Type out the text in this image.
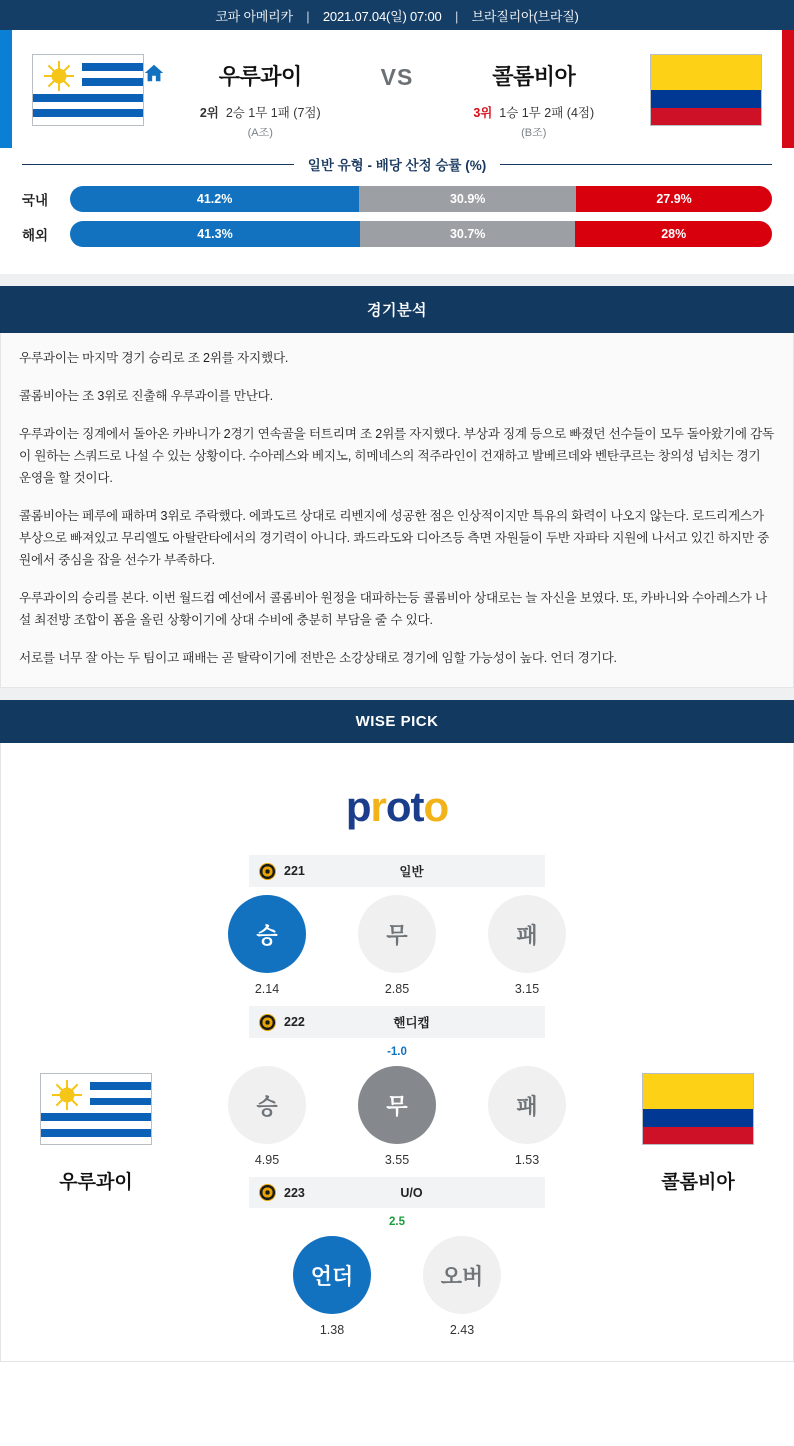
코파 아메리카 | 2021.07.04(일) 07:00 | 브라질리아(브라질)
우루과이
2위 2승 1무 1패 (7점)
(A조)
VS	콜롬비아
3위 1승 1무 2패 (4점)
(B조)
일반 유형 - 배당 산정 승률 (%)
국내	41.2%	30.9%	27.9%
해외	41.3%	30.7%	28%
경기분석

우루과이는 마지막 경기 승리로 조 2위를 자지했다.

콜롬비아는 조 3위로 진출해 우루과이를 만난다.

우루과이는 징계에서 돌아온 카바니가 2경기 연속골을 터트리며 조 2위를 자지했다. 부상과 징계 등으로 빠졌던 선수들이 모두 돌아왔기에 감독이 원하는 스쿼드로 나설 수 있는 상황이다. 수아레스와 베지노, 히메네스의 적주라인이 건재하고 발베르데와 벤탄쿠르는 창의성 넘치는 경기 운영을 할 것이다.

콜롬비아는 페루에 패하며 3위로 주락했다. 에콰도르 상대로 리벤지에 성공한 점은 인상적이지만 특유의 화력이 나오지 않는다. 로드리게스가 부상으로 빠져있고 무리엘도 아탈란타에서의 경기력이 아니다. 콰드라도와 디아즈등 측면 자원들이 두반 자파타 지원에 나서고 있긴 하지만 중원에서 중심을 잡을 선수가 부족하다.

우루과이의 승리를 본다. 이번 월드컵 예선에서 콜롬비아 원정을 대파하는등 콜롬비아 상대로는 늘 자신을 보였다. 또, 카바니와 수아레스가 나설 최전방 조합이 폼을 올린 상황이기에 상대 수비에 충분히 부담을 줄 수 있다.

서로를 너무 잘 아는 두 팀이고 패배는 곧 탈락이기에 전반은 소강상태로 경기에 임할 가능성이 높다. 언더 경기다.

WISE PICK
proto
221	일반
승
2.14
무
2.85
패
3.15
222	핸디캡
-1.0
승
4.95
무
3.55
패
1.53
223	U/O
2.5
언더
1.38
오버
2.43
우루과이	콜롬비아
